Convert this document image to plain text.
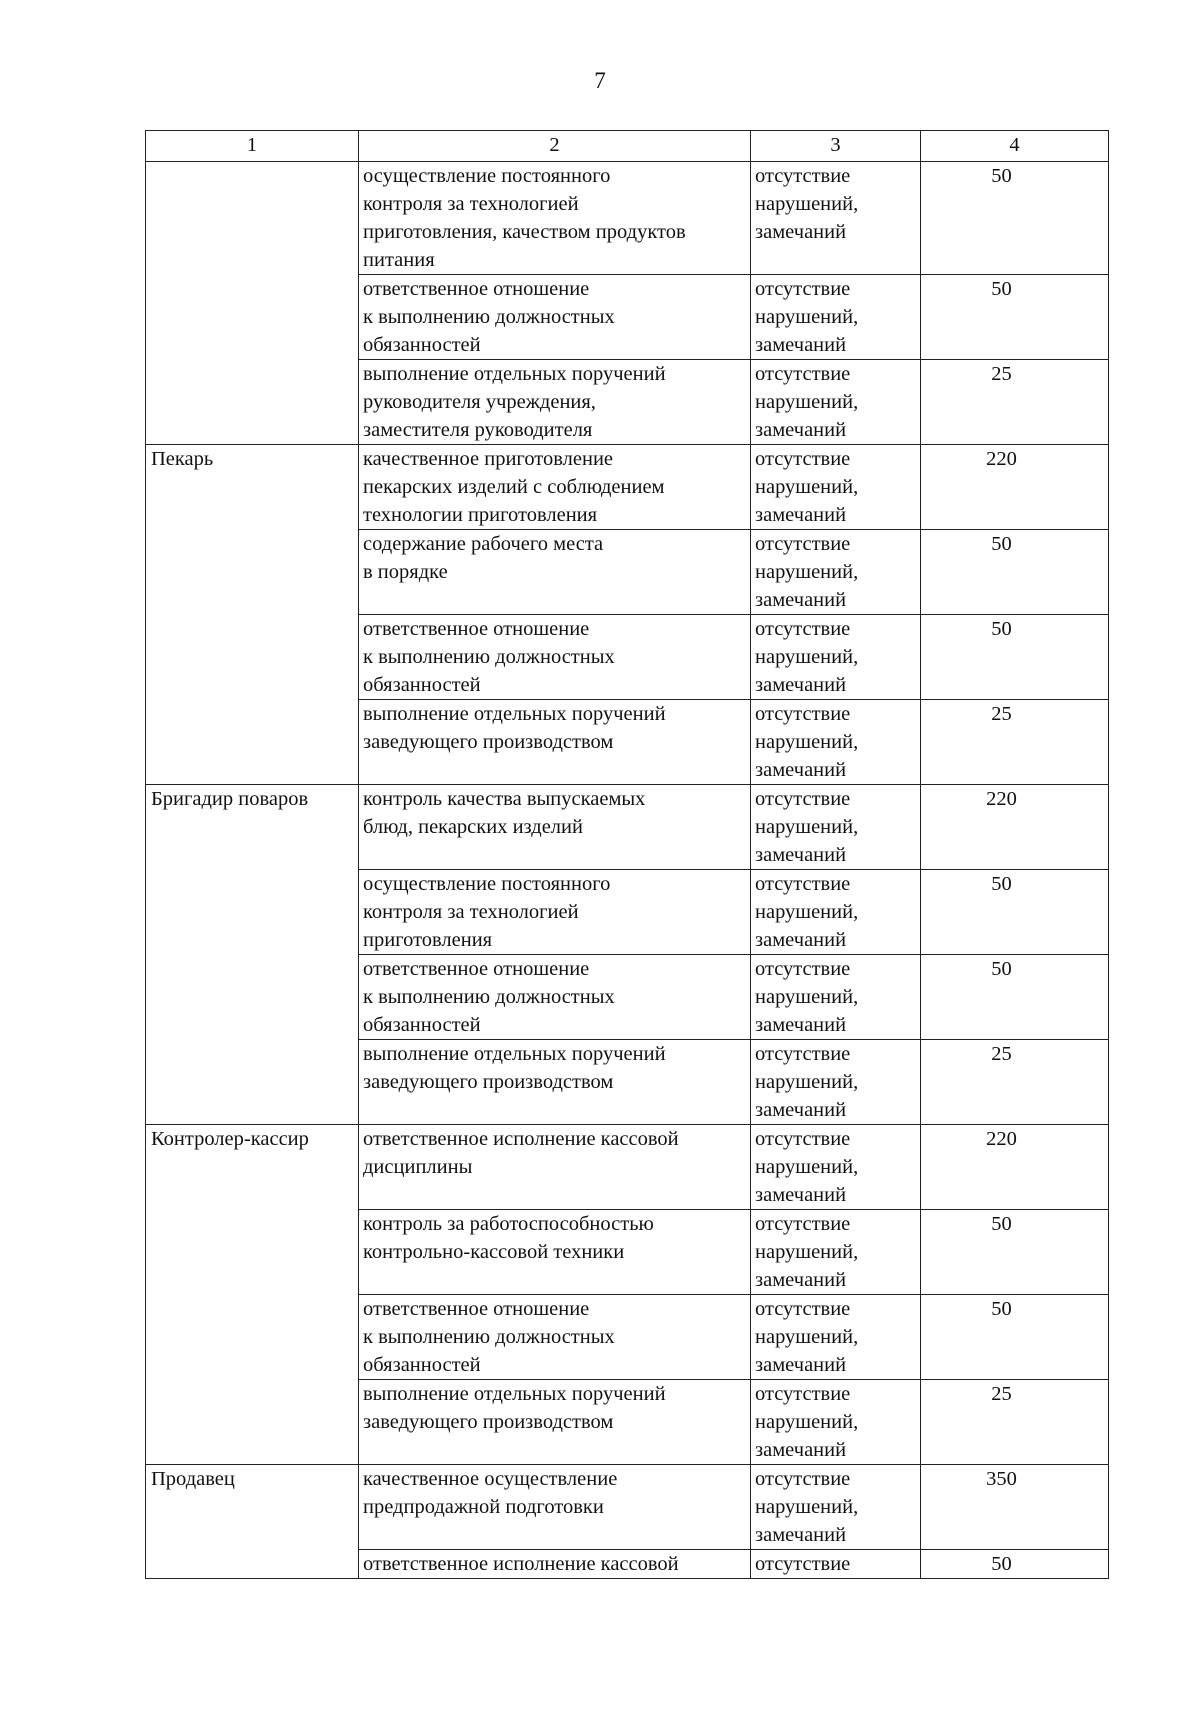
7
1	2	3	4

	осуществление постоянного
контроля за технологией
приготовления, качеством продуктов
питания	отсутствие
нарушений,
замечаний	50

	ответственное отношение
к выполнению должностных
обязанностей	отсутствие
нарушений,
замечаний	50

	выполнение отдельных поручений
руководителя учреждения,
заместителя руководителя	отсутствие
нарушений,
замечаний	25
Пекарь	качественное приготовление
пекарских изделий с соблюдением
технологии приготовления	отсутствие
нарушений,
замечаний	220

	содержание рабочего места
в порядке	отсутствие
нарушений,
замечаний	50

	ответственное отношение
к выполнению должностных
обязанностей	отсутствие
нарушений,
замечаний	50

	выполнение отдельных поручений
заведующего производством	отсутствие
нарушений,
замечаний	25
Бригадир поваров	контроль качества выпускаемых
блюд, пекарских изделий	отсутствие
нарушений,
замечаний	220

	осуществление постоянного
контроля за технологией
приготовления	отсутствие
нарушений,
замечаний	50

	ответственное отношение
к выполнению должностных
обязанностей	отсутствие
нарушений,
замечаний	50

	выполнение отдельных поручений
заведующего производством	отсутствие
нарушений,
замечаний	25
Контролер-кассир	ответственное исполнение кассовой
дисциплины	отсутствие
нарушений,
замечаний	220

	контроль за работоспособностью
контрольно-кассовой техники	отсутствие
нарушений,
замечаний	50

	ответственное отношение
к выполнению должностных
обязанностей	отсутствие
нарушений,
замечаний	50

	выполнение отдельных поручений
заведующего производством	отсутствие
нарушений,
замечаний	25
Продавец	качественное осуществление
предпродажной подготовки	отсутствие
нарушений,
замечаний	350

	ответственное исполнение кассовой	отсутствие	50
